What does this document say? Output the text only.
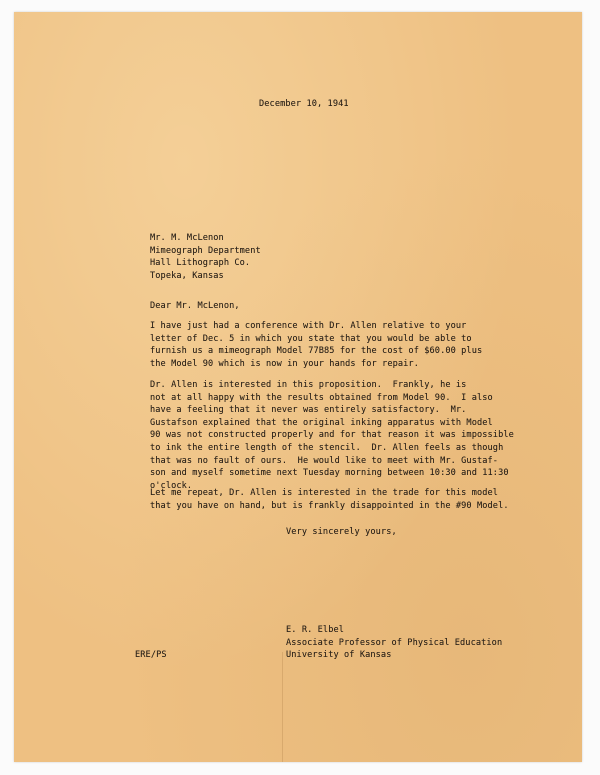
December 10, 1941

Mr. M. McLenon
Mimeograph Department
Hall Lithograph Co.
Topeka, Kansas

Dear Mr. McLenon,

I have just had a conference with Dr. Allen relative to your
letter of Dec. 5 in which you state that you would be able to
furnish us a mimeograph Model 77B85 for the cost of $60.00 plus
the Model 90 which is now in your hands for repair.
Dr. Allen is interested in this proposition.  Frankly, he is
not at all happy with the results obtained from Model 90.  I also
have a feeling that it never was entirely satisfactory.  Mr.
Gustafson explained that the original inking apparatus with Model
90 was not constructed properly and for that reason it was impossible
to ink the entire length of the stencil.  Dr. Allen feels as though
that was no fault of ours.  He would like to meet with Mr. Gustaf-
son and myself sometime next Tuesday morning between 10:30 and 11:30
o'clock.
Let me repeat, Dr. Allen is interested in the trade for this model
that you have on hand, but is frankly disappointed in the #90 Model.

Very sincerely yours,

E. R. Elbel
Associate Professor of Physical Education
University of Kansas

ERE/PS
